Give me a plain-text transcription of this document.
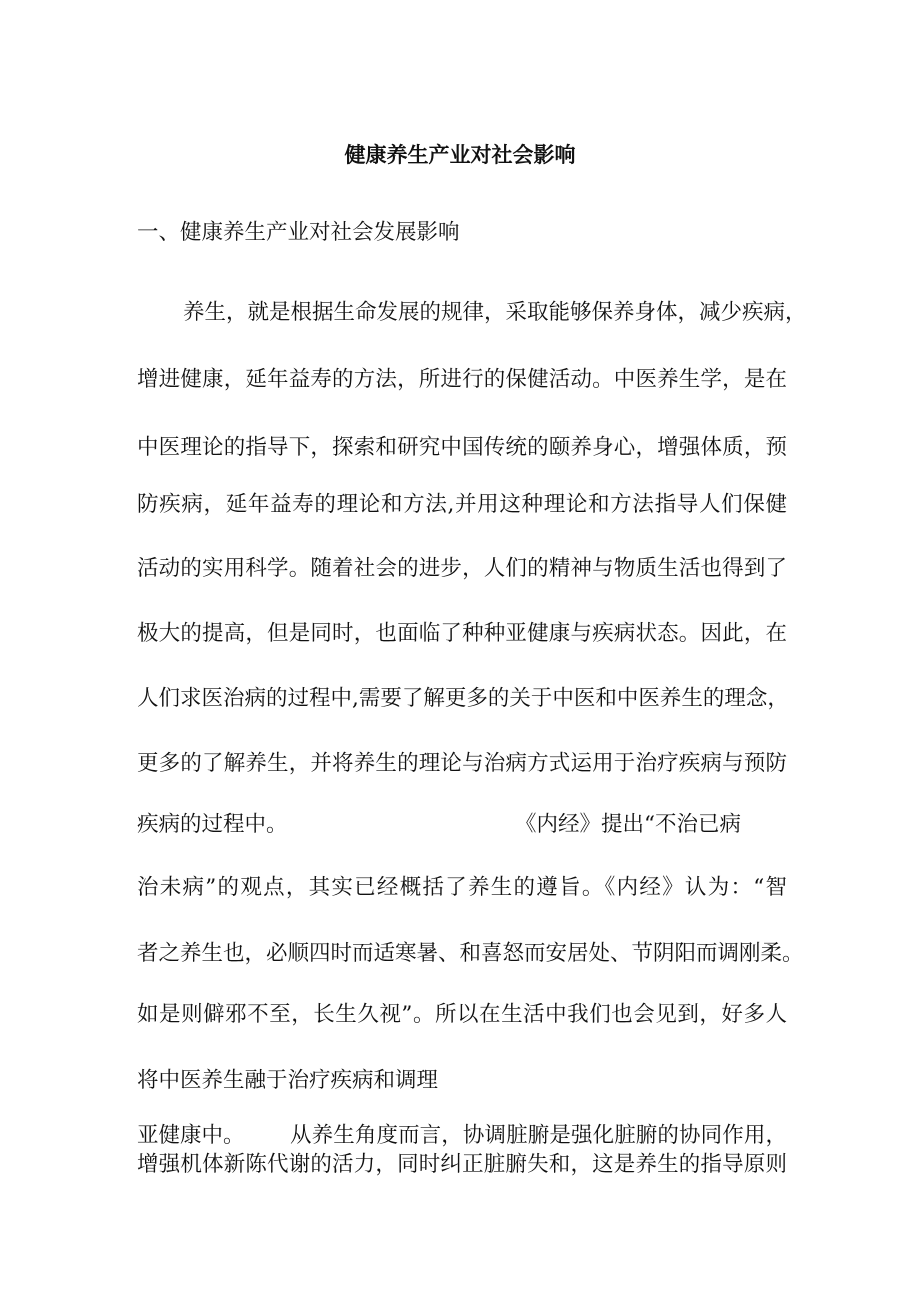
健康养生产业对社会影响
一、健康养生产业对社会发展影响
养生，就是根据生命发展的规律，采取能够保养身体，减少疾病，
增进健康，延年益寿的方法，所进行的保健活动。中医养生学，是在
中医理论的指导下，探索和研究中国传统的颐养身心，增强体质，预
防疾病，延年益寿的理论和方法,并用这种理论和方法指导人们保健
活动的实用科学。随着社会的进步，人们的精神与物质生活也得到了
极大的提高，但是同时，也面临了种种亚健康与疾病状态。因此，在
人们求医治病的过程中,需要了解更多的关于中医和中医养生的理念，
更多的了解养生，并将养生的理论与治病方式运用于治疗疾病与预防
疾病的过程中。	《内经》提出“不治已病
治未病”的观点，其实已经概括了养生的遵旨。《内经》认为：“智
者之养生也，必顺四时而适寒暑、和喜怒而安居处、节阴阳而调刚柔。
如是则僻邪不至，长生久视”。所以在生活中我们也会见到，好多人
将中医养生融于治疗疾病和调理
亚健康中。	从养生角度而言，协调脏腑是强化脏腑的协同作用，
增强机体新陈代谢的活力，同时纠正脏腑失和，这是养生的指导原则
